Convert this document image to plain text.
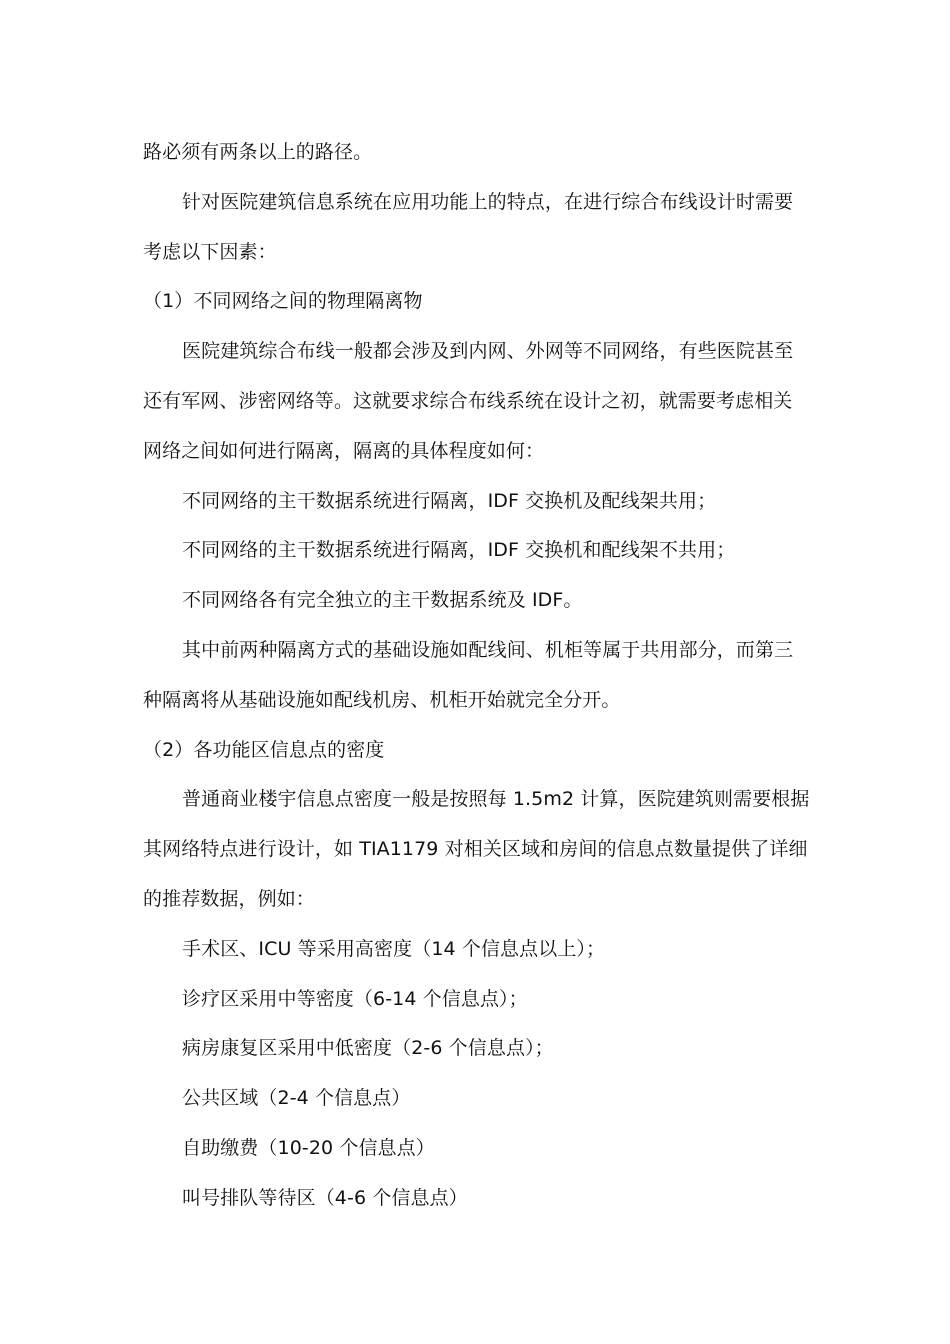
路必须有两条以上的路径。
针对医院建筑信息系统在应用功能上的特点，在进行综合布线设计时需要
考虑以下因素：
（1）不同网络之间的物理隔离物
医院建筑综合布线一般都会涉及到内网、外网等不同网络，有些医院甚至
还有军网、涉密网络等。这就要求综合布线系统在设计之初，就需要考虑相关
网络之间如何进行隔离，隔离的具体程度如何：
不同网络的主干数据系统进行隔离，IDF 交换机及配线架共用；
不同网络的主干数据系统进行隔离，IDF 交换机和配线架不共用；
不同网络各有完全独立的主干数据系统及 IDF。
其中前两种隔离方式的基础设施如配线间、机柜等属于共用部分，而第三
种隔离将从基础设施如配线机房、机柜开始就完全分开。
（2）各功能区信息点的密度
普通商业楼宇信息点密度一般是按照每 1.5m2 计算，医院建筑则需要根据
其网络特点进行设计，如 TIA1179 对相关区域和房间的信息点数量提供了详细
的推荐数据，例如：
手术区、ICU 等采用高密度（14 个信息点以上）；
诊疗区采用中等密度（6-14 个信息点）；
病房康复区采用中低密度（2-6 个信息点）；
公共区域（2-4 个信息点）
自助缴费（10-20 个信息点）
叫号排队等待区（4-6 个信息点）
